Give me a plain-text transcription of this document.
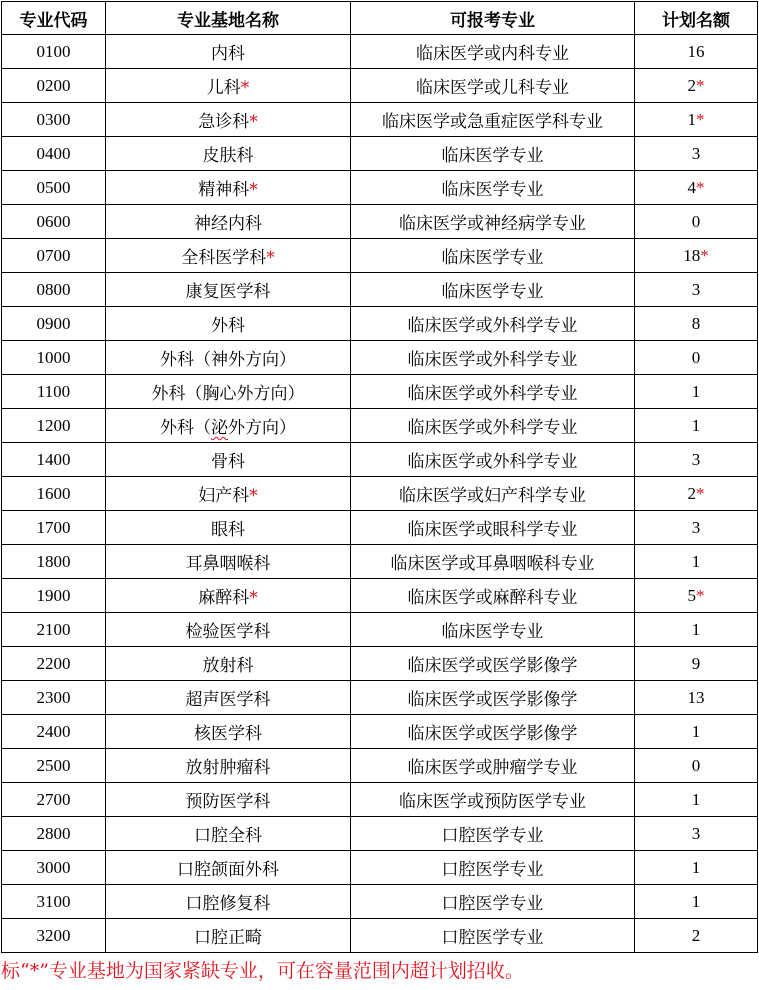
专业代码	专业基地名称	可报考专业	计划名额
0100	内科	临床医学或内科专业	16
0200	儿科*	临床医学或儿科专业	2*
0300	急诊科*	临床医学或急重症医学科专业	1*
0400	皮肤科	临床医学专业	3
0500	精神科*	临床医学专业	4*
0600	神经内科	临床医学或神经病学专业	0
0700	全科医学科*	临床医学专业	18*
0800	康复医学科	临床医学专业	3
0900	外科	临床医学或外科学专业	8
1000	外科（神外方向）	临床医学或外科学专业	0
1100	外科（胸心外方向）	临床医学或外科学专业	1
1200	外科（泌外方向）	临床医学或外科学专业	1
1400	骨科	临床医学或外科学专业	3
1600	妇产科*	临床医学或妇产科学专业	2*
1700	眼科	临床医学或眼科学专业	3
1800	耳鼻咽喉科	临床医学或耳鼻咽喉科专业	1
1900	麻醉科*	临床医学或麻醉科专业	5*
2100	检验医学科	临床医学专业	1
2200	放射科	临床医学或医学影像学	9
2300	超声医学科	临床医学或医学影像学	13
2400	核医学科	临床医学或医学影像学	1
2500	放射肿瘤科	临床医学或肿瘤学专业	0
2700	预防医学科	临床医学或预防医学专业	1
2800	口腔全科	口腔医学专业	3
3000	口腔颌面外科	口腔医学专业	1
3100	口腔修复科	口腔医学专业	1
3200	口腔正畸	口腔医学专业	2
标“*”专业基地为国家紧缺专业，可在容量范围内超计划招收。
